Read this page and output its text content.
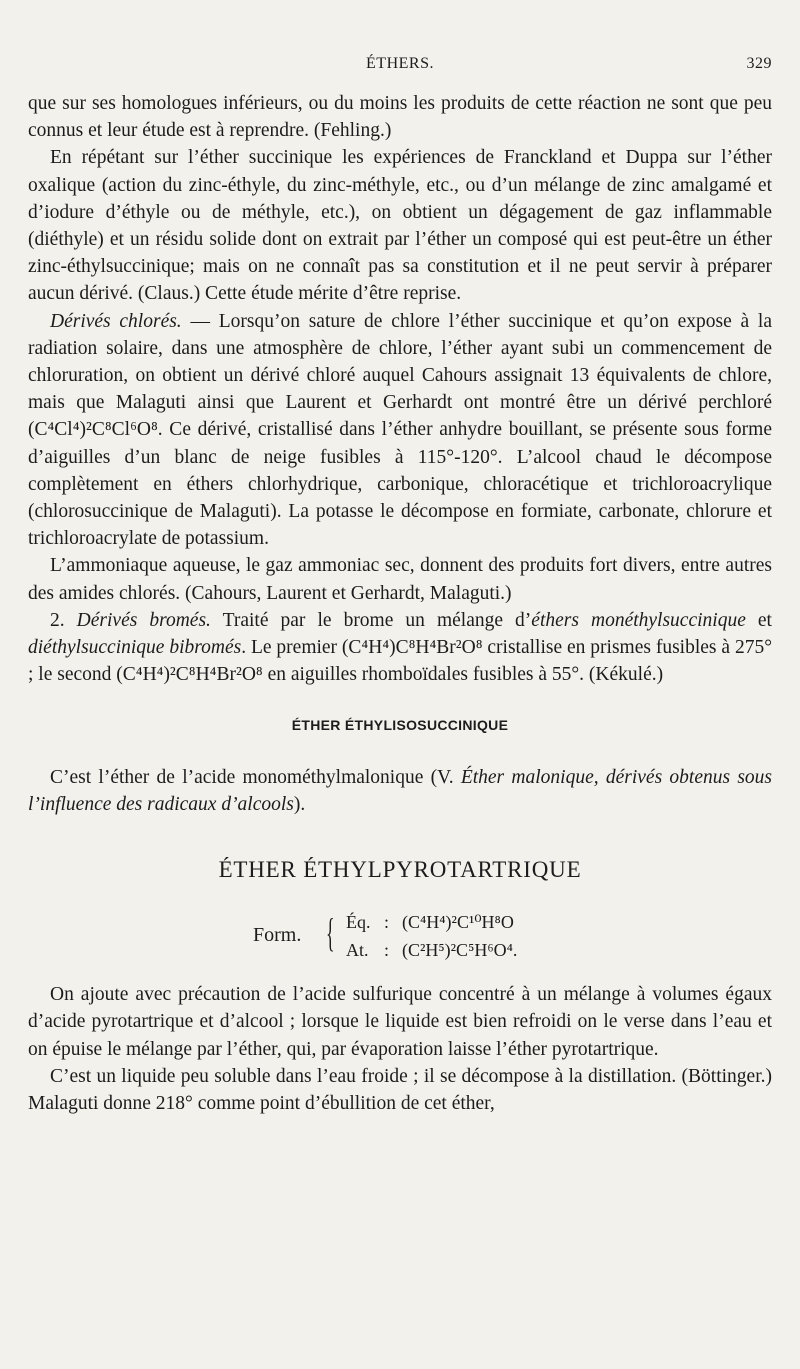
ÉTHERS.	329

que sur ses homologues inférieurs, ou du moins les produits de cette réaction ne sont que peu connus et leur étude est à reprendre. (Fehling.)

En répétant sur l’éther succinique les expériences de Franckland et Duppa sur l’éther oxalique (action du zinc-éthyle, du zinc-méthyle, etc., ou d’un mélange de zinc amalgamé et d’iodure d’éthyle ou de méthyle, etc.), on obtient un dégagement de gaz inflammable (diéthyle) et un résidu solide dont on extrait par l’éther un composé qui est peut-être un éther zinc-éthylsuccinique; mais on ne connaît pas sa constitution et il ne peut servir à préparer aucun dérivé. (Claus.) Cette étude mérite d’être reprise.

Dérivés chlorés. — Lorsqu’on sature de chlore l’éther succinique et qu’on expose à la radiation solaire, dans une atmosphère de chlore, l’éther ayant subi un commencement de chloruration, on obtient un dérivé chloré auquel Cahours assignait 13 équivalents de chlore, mais que Malaguti ainsi que Laurent et Gerhardt ont montré être un dérivé perchloré (C⁴Cl⁴)²C⁸Cl⁶O⁸. Ce dérivé, cristallisé dans l’éther anhydre bouillant, se présente sous forme d’aiguilles d’un blanc de neige fusibles à 115°-120°. L’alcool chaud le décompose complètement en éthers chlorhydrique, carbonique, chloracétique et trichloroacrylique (chlorosuccinique de Malaguti). La potasse le décompose en formiate, carbonate, chlorure et trichloroacrylate de potassium.

L’ammoniaque aqueuse, le gaz ammoniac sec, donnent des produits fort divers, entre autres des amides chlorés. (Cahours, Laurent et Gerhardt, Malaguti.)

2. Dérivés bromés. Traité par le brome un mélange d’éthers monéthylsuccinique et diéthylsuccinique bibromés. Le premier (C⁴H⁴)C⁸H⁴Br²O⁸ cristallise en prismes fusibles à 275° ; le second (C⁴H⁴)²C⁸H⁴Br²O⁸ en aiguilles rhomboïdales fusibles à 55°. (Kékulé.)

ÉTHER ÉTHYLISOSUCCINIQUE

C’est l’éther de l’acide monométhylmalonique (V. Éther malonique, dérivés obtenus sous l’influence des radicaux d’alcools).

ÉTHER ÉTHYLPYROTARTRIQUE
Form. { Éq. : (C⁴H⁴)²C¹⁰H⁸O
At. : (C²H⁵)²C⁵H⁶O⁴.

On ajoute avec précaution de l’acide sulfurique concentré à un mélange à volumes égaux d’acide pyrotartrique et d’alcool ; lorsque le liquide est bien refroidi on le verse dans l’eau et on épuise le mélange par l’éther, qui, par évaporation laisse l’éther pyrotartrique.

C’est un liquide peu soluble dans l’eau froide ; il se décompose à la distillation. (Böttinger.) Malaguti donne 218° comme point d’ébullition de cet éther,
